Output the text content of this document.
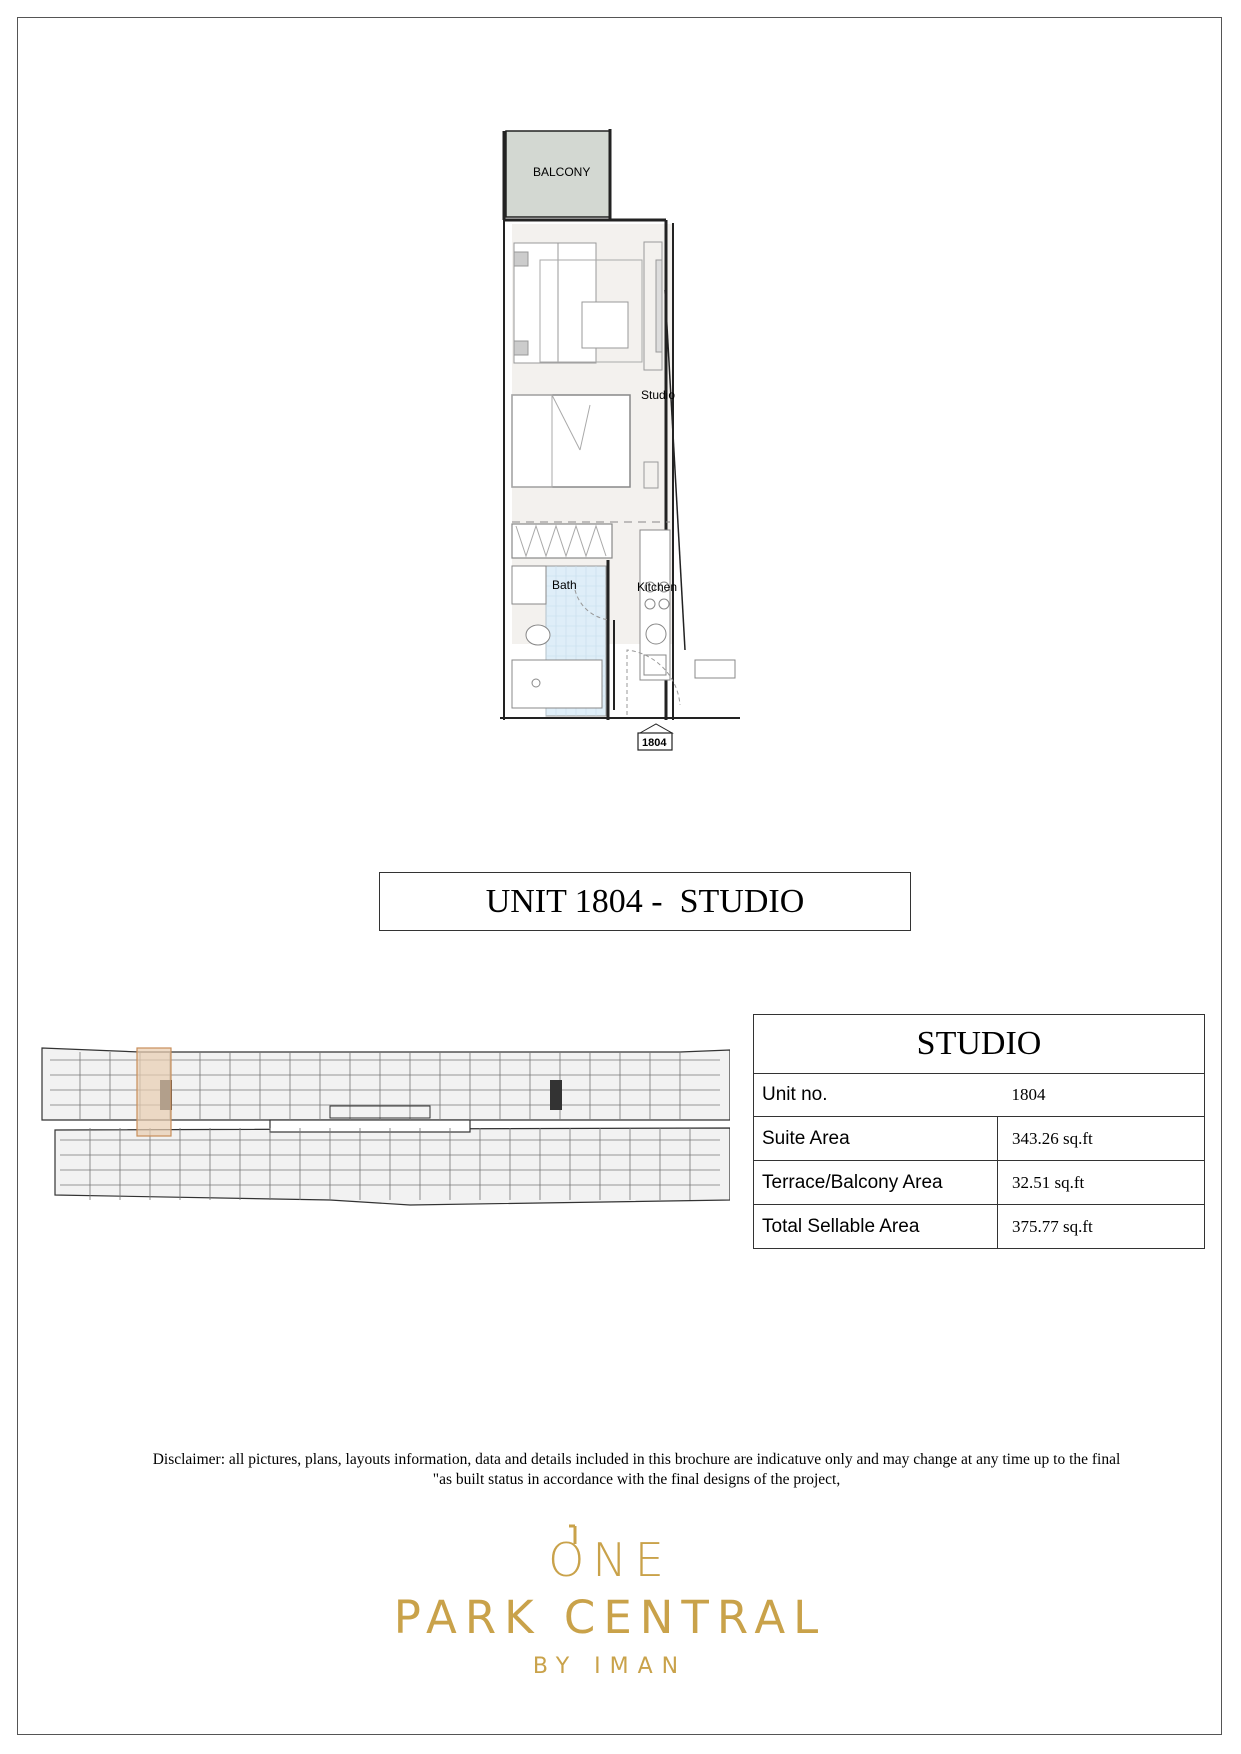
BALCONY
Studio
Bath	Kitchen
1804
UNIT 1804 -  STUDIO
STUDIO	
Unit no.	1804
Suite Area	343.26 sq.ft
Terrace/Balcony Area	32.51 sq.ft
Total Sellable Area	375.77 sq.ft
Disclaimer: all pictures, plans, layouts information, data and details included in this brochure are indicatuve only and may change at any time up to the final
"as built status in accordance with the final designs of the project,
ONE
PARK CENTRAL
BY IMAN
